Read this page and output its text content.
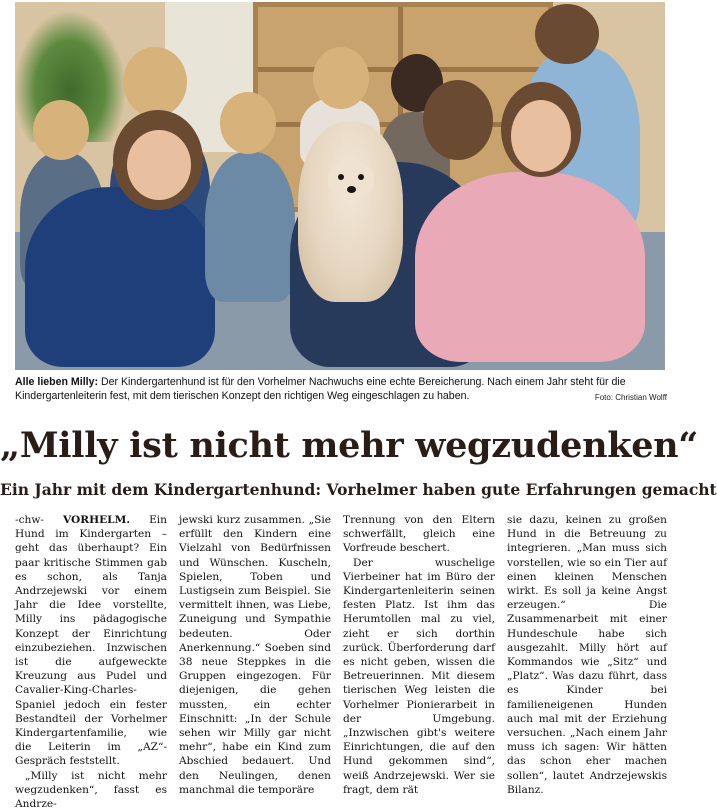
Alle lieben Milly: Der Kindergartenhund ist für den Vorhelmer Nachwuchs eine echte Bereicherung. Nach einem Jahr steht für die Kindergartenleiterin fest, mit dem tierischen Konzept den richtigen Weg eingeschlagen zu haben.	Foto: Christian Wolff
„Milly ist nicht mehr wegzudenken“
Ein Jahr mit dem Kindergartenhund: Vorhelmer haben gute Erfahrungen gemacht

-chw- VORHELM. Ein Hund im Kindergarten – geht das überhaupt? Ein paar kritische Stimmen gab es schon, als Tanja Andrzejewski vor einem Jahr die Idee vorstellte, Milly ins pädagogische Konzept der Einrichtung einzubeziehen. Inzwischen ist die aufgeweckte Kreuzung aus Pudel und Cavalier-King-Charles-Spaniel jedoch ein fester Bestandteil der Vorhelmer Kindergartenfamilie, wie die Leiterin im „AZ“-Gespräch feststellt.

„Milly ist nicht mehr wegzudenken“, fasst es Andrze-

jewski kurz zusammen. „Sie erfüllt den Kindern eine Vielzahl von Bedürfnissen und Wünschen. Kuscheln, Spielen, Toben und Lustigsein zum Beispiel. Sie vermittelt ihnen, was Liebe, Zuneigung und Sympathie bedeuten. Oder Anerkennung.“ Soeben sind 38 neue Steppkes in die Gruppen eingezogen. Für diejenigen, die gehen mussten, ein echter Einschnitt: „In der Schule sehen wir Milly gar nicht mehr“, habe ein Kind zum Abschied bedauert. Und den Neulingen, denen manchmal die temporäre

Trennung von den Eltern schwerfällt, gleich eine Vorfreude beschert.

Der wuschelige Vierbeiner hat im Büro der Kindergartenleiterin seinen festen Platz. Ist ihm das Herumtollen mal zu viel, zieht er sich dorthin zurück. Überforderung darf es nicht geben, wissen die Betreuerinnen. Mit diesem tierischen Weg leisten die Vorhelmer Pionierarbeit in der Umgebung. „Inzwischen gibt's weitere Einrichtungen, die auf den Hund gekommen sind“, weiß Andrzejewski. Wer sie fragt, dem rät

sie dazu, keinen zu großen Hund in die Betreuung zu integrieren. „Man muss sich vorstellen, wie so ein Tier auf einen kleinen Menschen wirkt. Es soll ja keine Angst erzeugen.“ Die Zusammenarbeit mit einer Hundeschule habe sich ausgezahlt. Milly hört auf Kommandos wie „Sitz“ und „Platz“. Was dazu führt, dass es Kinder bei familieneigenen Hunden auch mal mit der Erziehung versuchen. „Nach einem Jahr muss ich sagen: Wir hätten das schon eher machen sollen“, lautet Andrzejewskis Bilanz.
